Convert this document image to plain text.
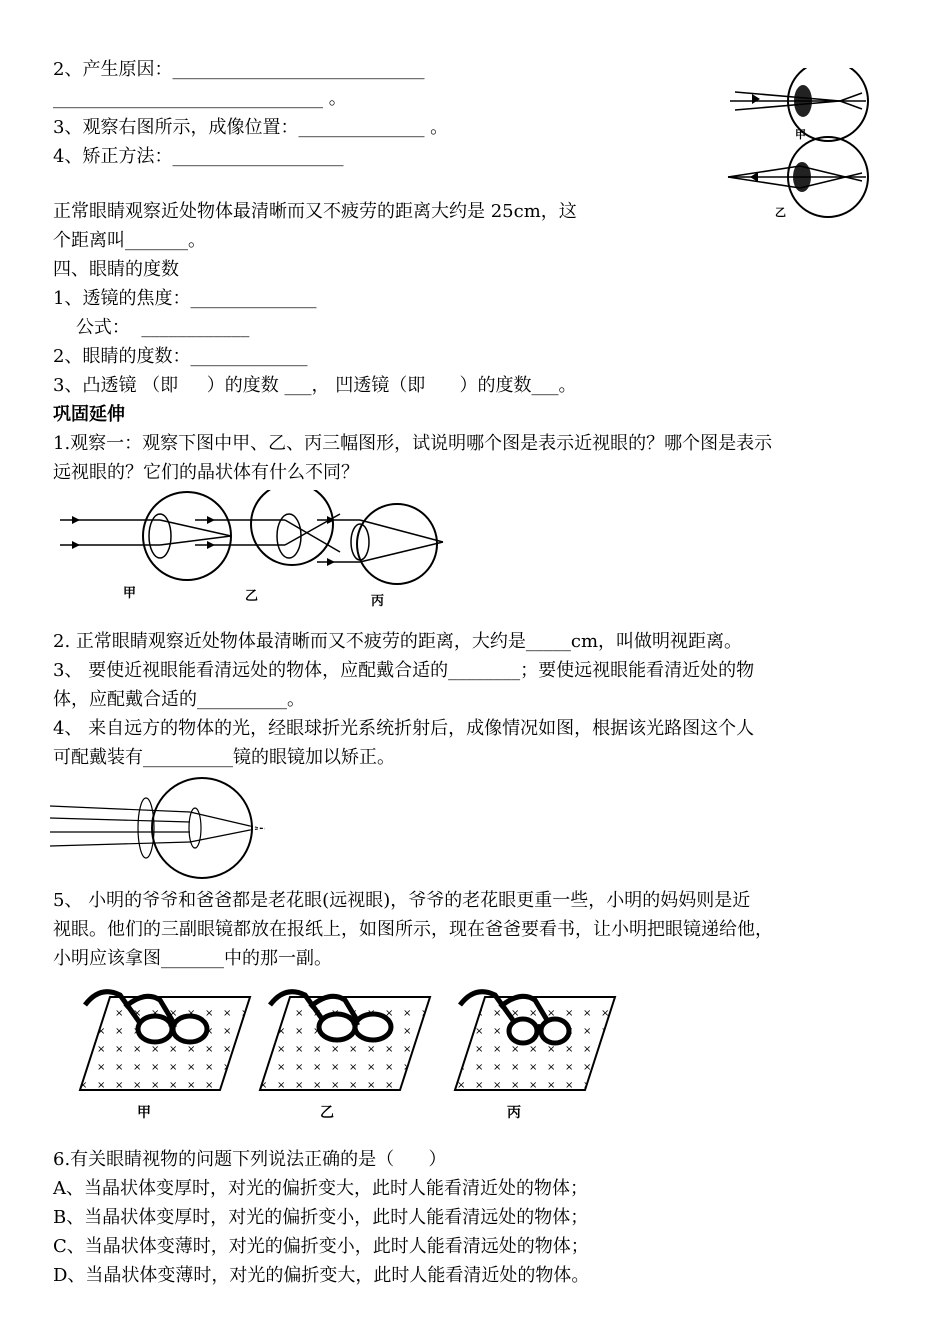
2、产生原因：____________________________
______________________________ 。
3、观察右图所示，成像位置：______________ 。
4、矫正方法：___________________
正常眼睛观察近处物体最清晰而又不疲劳的距离大约是 25cm，这
个距离叫_______。
四、眼睛的度数
1、透镜的焦度：______________
公式：  ____________
2、眼睛的度数：_____________
3、凸透镜 （即     ）的度数 ___， 凹透镜（即      ）的度数___。
巩固延伸
1.观察一：观察下图中甲、乙、丙三幅图形，试说明哪个图是表示近视眼的？哪个图是表示
远视眼的？它们的晶状体有什么不同？
甲
乙
甲	乙	丙
2. 正常眼睛观察近处物体最清晰而又不疲劳的距离，大约是_____cm，叫做明视距离。
3、 要使近视眼能看清远处的物体，应配戴合适的________；要使远视眼能看清近处的物
体，应配戴合适的__________。
4、 来自远方的物体的光，经眼球折光系统折射后，成像情况如图，根据该光路图这个人
可配戴装有__________镜的眼镜加以矫正。
5、 小明的爷爷和爸爸都是老花眼(远视眼)，爷爷的老花眼更重一些，小明的妈妈则是近
视眼。他们的三副眼镜都放在报纸上，如图所示，现在爸爸要看书，让小明把眼镜递给他，
小明应该拿图_______中的那一副。
甲	乙	丙
6.有关眼睛视物的问题下列说法正确的是（      ）
A、当晶状体变厚时，对光的偏折变大，此时人能看清近处的物体；
B、当晶状体变厚时，对光的偏折变小，此时人能看清远处的物体；
C、当晶状体变薄时，对光的偏折变小，此时人能看清远处的物体；
D、当晶状体变薄时，对光的偏折变大，此时人能看清近处的物体。
